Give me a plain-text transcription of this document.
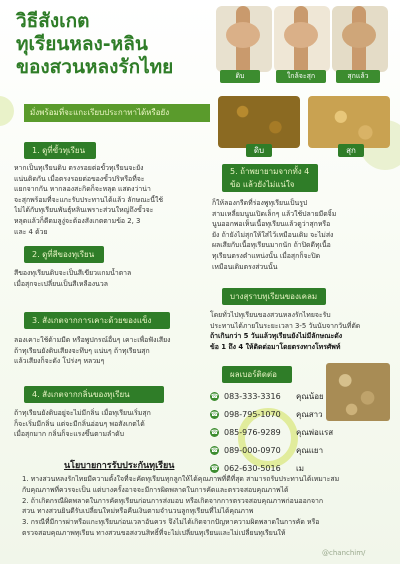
วิธีสังเกต
ทุเรียนหลง-หลิน
ของสวนหลงรักไทย	ดิบ	ใกล้จะสุก	สุกแล้ว
ดิบ	สุก
มั่งพร้อมที่จะแกะเรียบประกาทาได้หรือยัง
1. ดูที่ขั้วทุเรียน
หากเป็นทุเรียนดิบ ตรงรอยต่อขั้วทุเรียนจะยัง
แน่นติดกัน เมื่อตรงรอยต่อของขั้วปริหรือที่จะ
แยกจากกัน หากลองสะกิดก็จะหลุด แสดงว่าน่า
จะสุกพร้อมที่จะแกะรับประทานได้แล้ว ลักษณะนี้ใช้
ไม่ได้กับทุเรียนพันธุ์หลินเพราะส่วนใหญ่ถึงขั้วจะ
หลุดแล้วก็ดีดมลูงู่จะต้องสังเกตตามข้อ 2, 3
และ 4 ด้วย
2. ดูที่สีของทุเรียน
สีของทุเรียนดิบจะเป็นสีเขียวแกมน้ำตาล
เมื่อสุกจะเปลี่ยนเป็นสีเหลืองนวล
3. สังเกตจากการเคาะด้วยของแข็ง
ลองเคาะใช้ด้ามมีด หรือพูปกรณ์อื่นๆ เคาะเพื่อฟังเสียง
ถ้าทุเรียนยังดิบเสียงจะทึบๆ แน่นๆ ถ้าทุเรียนสุก
แล้วเสียงก็จะดัง โปร่งๆ หลวมๆ
4. สังเกตจากกลิ่นของทุเรียน
ถ้าทุเรียนยังดิบอยู่จะไม่มีกลิ่น เมื่อทุเรียนเริ่มสุก
ก็จะเริ่มมีกลิ่น แต่จะมีกลิ่นอ่อนๆ พอสังเกตได้
เมื่อสุกมาก กลิ่นก็จะแรงขึ้นตามลำดับ
5. ถ้าพยายามจากทั้ง 4 ข้อ แล้วยังไม่แน่ใจ
ก็ให้ลองกรีดที่ร่องพูทุเรียนเป็นรูป
สามเหลี่ยมนูนเปิดเล็กๆ แล้วใช้ปลายมีดจิ้ม
นูนออกพอเห็นเนื้อทุเรียนแล้วดูว่าสุกหรือ
ยัง ถ้ายังไม่สุกให้ใส่ไว้เหมือนเดิม จะไม่ส่ง
ผลเสียกับเนื้อทุเรียนมากนัก ถ้าปิดดีทุเนื้อ
ทุเรียนตรงตำแหน่งนั้น เมื่อสุกก็จะปิด
เหมือนเดิมตรงส่วนนั้น
บางสุราบทุเรียนของเคลม
โดยทั่วไปทุเรียนของสวนหลงรักไทยจะรับ
ประทานได้ภายในระยะเวลา 3-5 วันนับจากวันที่ตัด
ถ้าเกินกว่า 5 วันแล้วทุเรียนยังไม่มีลักษณะดัง
ข้อ 1 ถึง 4 ให้ติดต่อมาโดยตรงทางโทรศัพท์
ผลเบอร์ติดต่อ
☎ 083-333-3316 คุณน้อย
☎ 098-795-1070 คุณสาว
☎ 085-976-9289 คุณพ่อแรส
☎ 089-000-0970 คุณแยา
☎ 062-630-5016 เม
นโยบายการรับประกันทุเรียน
1. ทางสวนหลงรักไทยมีความตั้งใจที่จะคัดทุเรียนทุกลูกให้ได้คุณภาพที่ดีที่สุด สามารถรับประทานได้เหมาะสม
กับคุณภาพที่ควรจะเป็น แต่บางครั้งอาจจะมีการผิดพลาดในการคัดและตรวจสอบคุณภาพได้
2. ถ้าเกิดกรณีผิดพลาดในการคัดทุเรียนก่อนการส่งมอบ หรือเกิดจากการตรวจสอบคุณภาพก่อนออกจาก
สวน ทางสวนยินดีรับเปลี่ยนใหม่หรือคืนเงินตามจำนวนลูกทุเรียนที่ไม่ได้คุณภาพ
3. กรณีที่มีการผ่าหรือแกะทุเรียนก่อนเวลาอันควร จึงไม่ได้เกิดจากปัญหาความผิดพลาดในการคัด หรือ
ตรวจสอบคุณภาพทุเรียน ทางสวนขอสงวนสิทธิ์ที่จะไม่เปลี่ยนทุเรียนและไม่เปลี่ยนทุเรียนให้
@chanchim/
